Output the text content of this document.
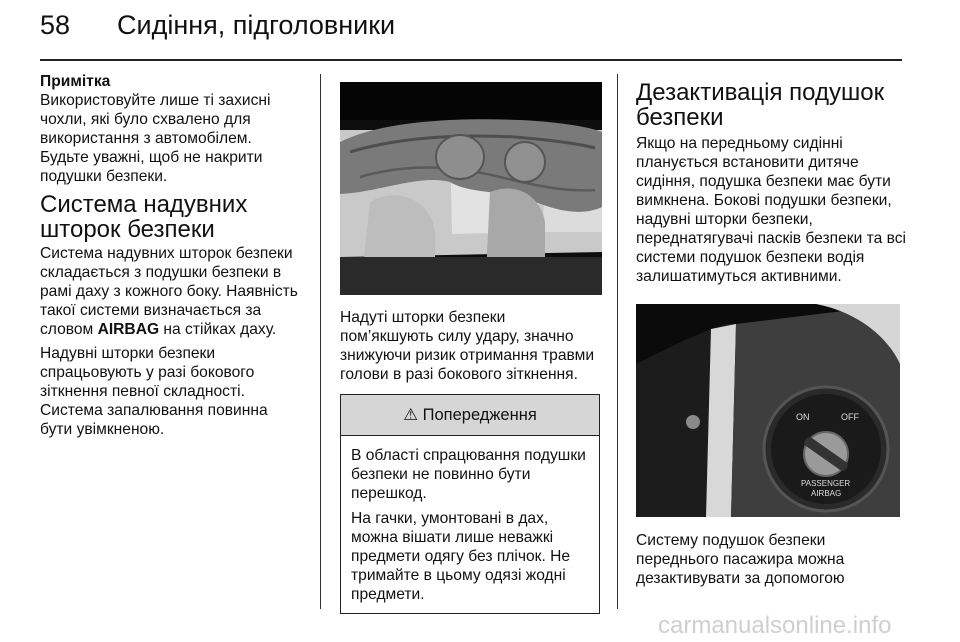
58 Сидіння, підголовники
Примітка

Використовуйте лише ті захисні чохли, які було схвалено для використання з автомобілем. Будьте уважні, щоб не накрити подушки безпеки.

Система надувних шторок безпеки

Система надувних шторок безпеки складається з подушки безпеки в рамі даху з кожного боку. Наявність такої системи визначається за словом AIRBAG на стійках даху.

Надувні шторки безпеки спрацьовують у разі бокового зіткнення певної складності. Система запалювання повинна бути увімкненою.

Надуті шторки безпеки пом’якшують силу удару, значно знижуючи ризик отримання травми голови в разі бокового зіткнення.

⚠ Попередження

В області спрацювання подушки безпеки не повинно бути перешкод.

На гачки, умонтовані в дах, можна вішати лише неважкі предмети одягу без плічок. Не тримайте в цьому одязі жодні предмети.

Дезактивація подушок безпеки

Якщо на передньому сидінні планується встановити дитяче сидіння, подушка безпеки має бути вимкнена. Бокові подушки безпеки, надувні шторки безпеки, переднатягувачі пасків безпеки та всі системи подушок безпеки водія залишатимуться активними.

ON	OFF
PASSENGER
AIRBAG

Систему подушок безпеки переднього пасажира можна дезактивувати за допомогою

carmanualsonline.info
